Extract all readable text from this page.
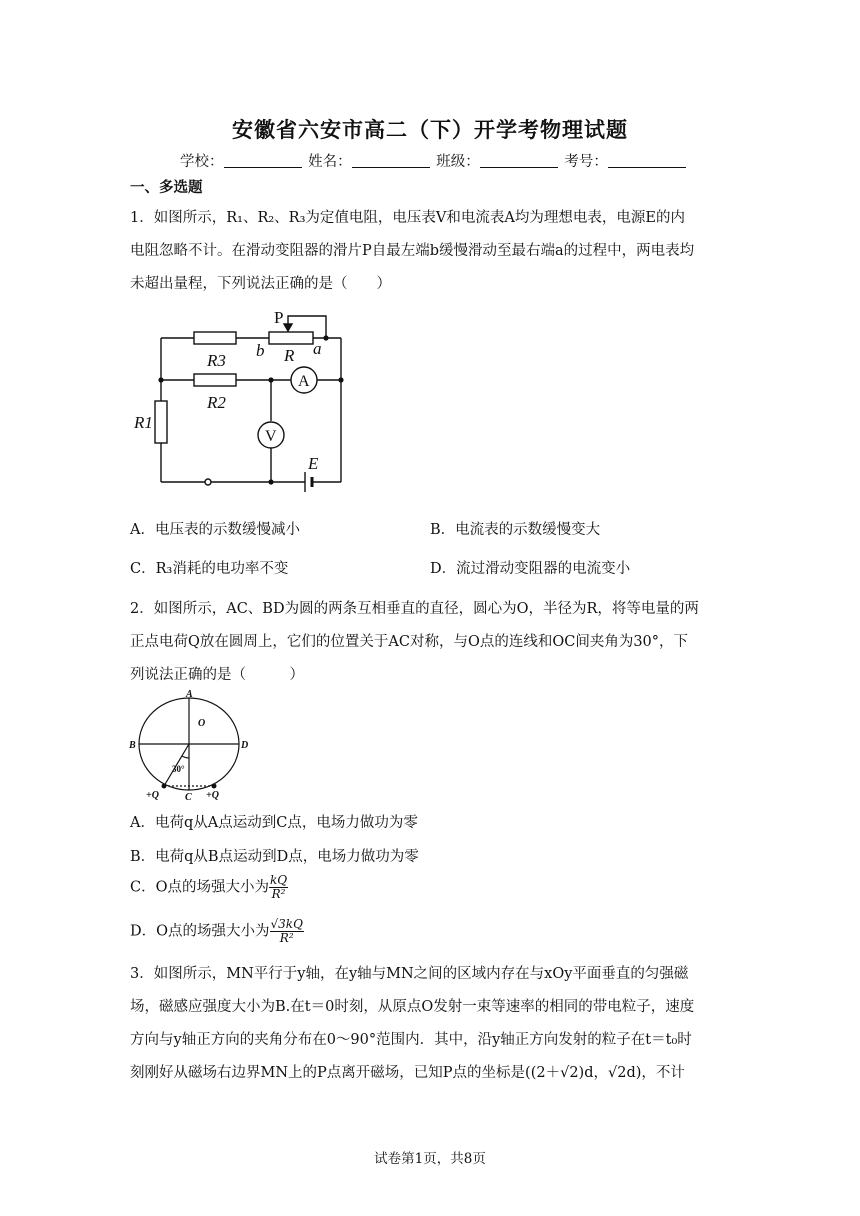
安徽省六安市高二（下）开学考物理试题
学校：	姓名：	班级：	考号：
一、多选题
1．如图所示，R₁、R₂、R₃为定值电阻，电压表V和电流表A均为理想电表，电源E的内
电阻忽略不计。在滑动变阻器的滑片P自最左端b缓慢滑动至最右端a的过程中，两电表均
未超出量程，下列说法正确的是（　　）
P
b R a
R3
R2
R1
A
V
E
A．电压表的示数缓慢减小	B．电流表的示数缓慢变大
C．R₃消耗的电功率不变	D．流过滑动变阻器的电流变小
2．如图所示，AC、BD为圆的两条互相垂直的直径，圆心为O，半径为R，将等电量的两
正点电荷Q放在圆周上，它们的位置关于AC对称，与O点的连线和OC间夹角为30°，下
列说法正确的是（　　　）
A
B
C
D
O
30°
+Q	+Q
A．电荷q从A点运动到C点，电场力做功为零
B．电荷q从B点运动到D点，电场力做功为零
C．O点的场强大小为 $\frac{kQ}{\text{R²}}$
D．O点的场强大小为 $\frac{√3kQ}{\text{R²}}$
3．如图所示，MN平行于y轴，在y轴与MN之间的区域内存在与xOy平面垂直的匀强磁
场，磁感应强度大小为B.在t＝0时刻，从原点O发射一束等速率的相同的带电粒子，速度
方向与y轴正方向的夹角分布在0～90°范围内．其中，沿y轴正方向发射的粒子在t＝t₀时
刻刚好从磁场右边界MN上的P点离开磁场，已知P点的坐标是((2＋√2)d，√2d)，不计
试卷第1页，共8页
